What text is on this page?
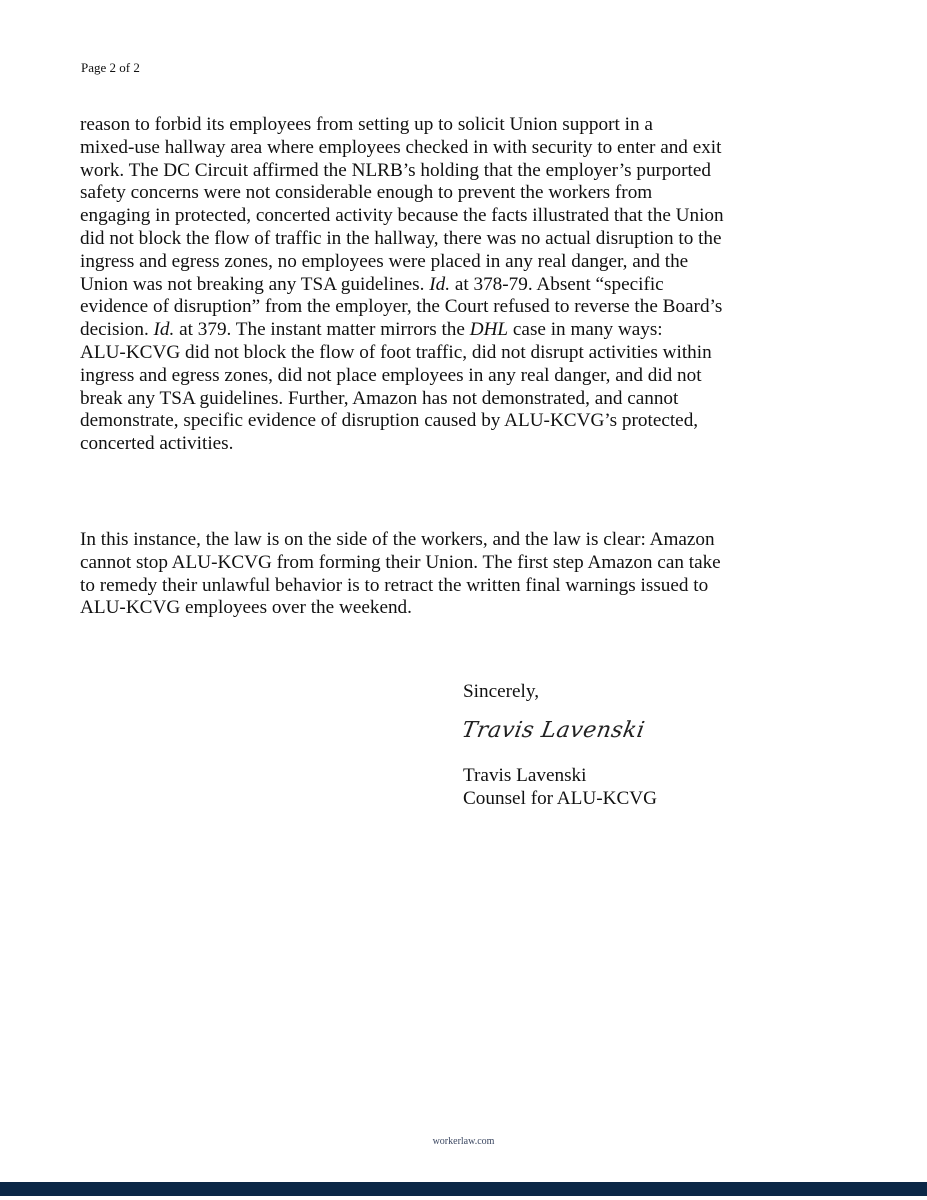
Page 2 of 2
reason to forbid its employees from setting up to solicit Union support in a
mixed-use hallway area where employees checked in with security to enter and exit
work. The DC Circuit affirmed the NLRB’s holding that the employer’s purported
safety concerns were not considerable enough to prevent the workers from
engaging in protected, concerted activity because the facts illustrated that the Union
did not block the flow of traffic in the hallway, there was no actual disruption to the
ingress and egress zones, no employees were placed in any real danger, and the
Union was not breaking any TSA guidelines. Id. at 378-79. Absent “specific
evidence of disruption” from the employer, the Court refused to reverse the Board’s
decision. Id. at 379. The instant matter mirrors the DHL case in many ways:
ALU-KCVG did not block the flow of foot traffic, did not disrupt activities within
ingress and egress zones, did not place employees in any real danger, and did not
break any TSA guidelines. Further, Amazon has not demonstrated, and cannot
demonstrate, specific evidence of disruption caused by ALU-KCVG’s protected,
concerted activities.
In this instance, the law is on the side of the workers, and the law is clear: Amazon
cannot stop ALU-KCVG from forming their Union. The first step Amazon can take
to remedy their unlawful behavior is to retract the written final warnings issued to
ALU-KCVG employees over the weekend.
Sincerely,
Travis Lavenski
Travis Lavenski
Counsel for ALU-KCVG
workerlaw.com
